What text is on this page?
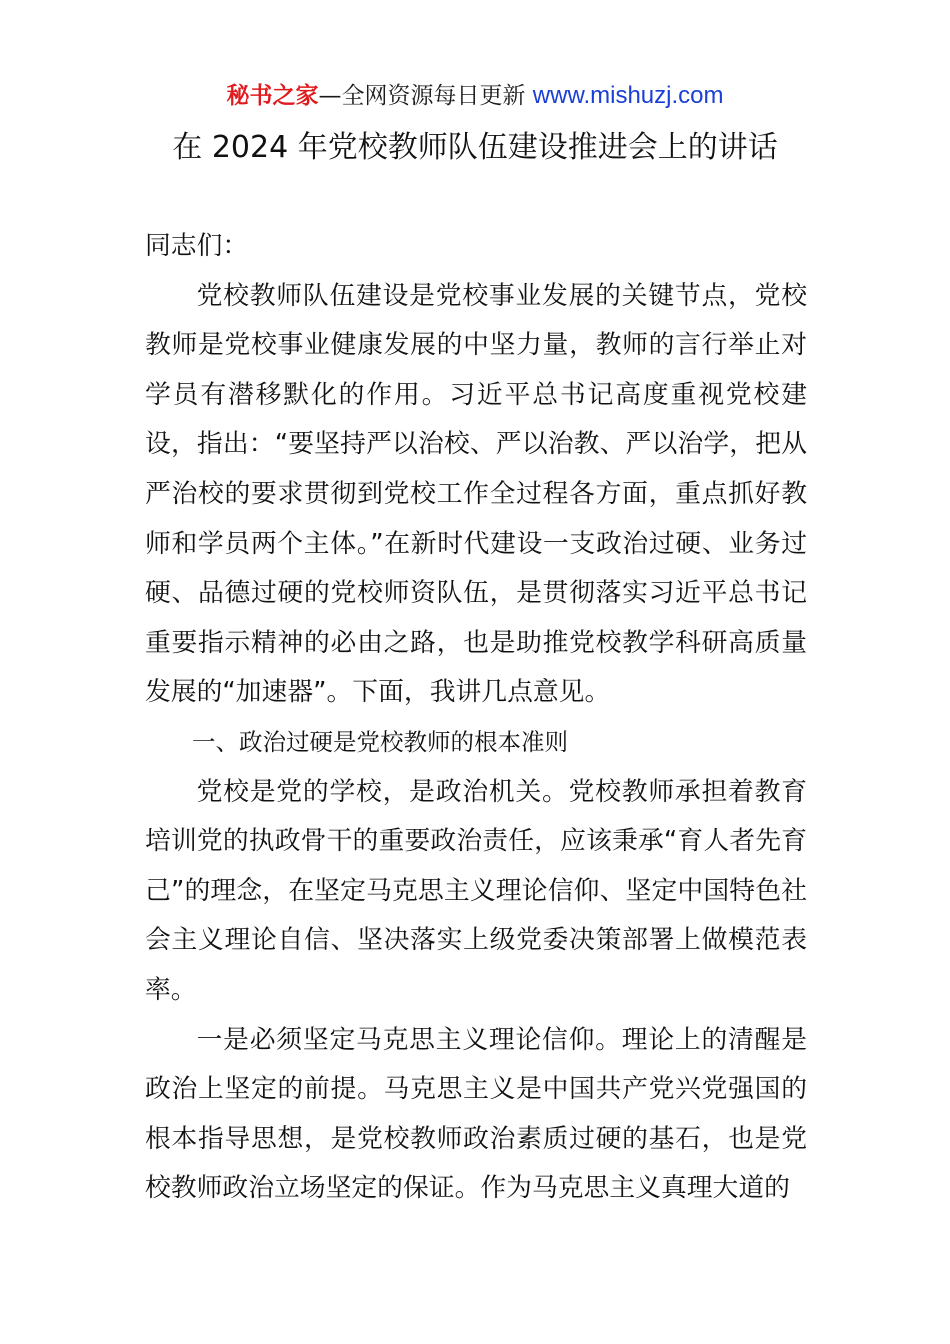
秘书之家—全网资源每日更新 www.mishuzj.com
在 2024 年党校教师队伍建设推进会上的讲话

同志们：

党校教师队伍建设是党校事业发展的关键节点，党校教师是党校事业健康发展的中坚力量，教师的言行举止对学员有潜移默化的作用。习近平总书记高度重视党校建设，指出：“要坚持严以治校、严以治教、严以治学，把从严治校的要求贯彻到党校工作全过程各方面，重点抓好教师和学员两个主体。”在新时代建设一支政治过硬、业务过硬、品德过硬的党校师资队伍，是贯彻落实习近平总书记重要指示精神的必由之路，也是助推党校教学科研高质量发展的“加速器”。下面，我讲几点意见。

一、政治过硬是党校教师的根本准则

党校是党的学校，是政治机关。党校教师承担着教育培训党的执政骨干的重要政治责任，应该秉承“育人者先育己”的理念，在坚定马克思主义理论信仰、坚定中国特色社会主义理论自信、坚决落实上级党委决策部署上做模范表率。

一是必须坚定马克思主义理论信仰。理论上的清醒是政治上坚定的前提。马克思主义是中国共产党兴党强国的根本指导思想，是党校教师政治素质过硬的基石，也是党校教师政治立场坚定的保证。作为马克思主义真理大道的
